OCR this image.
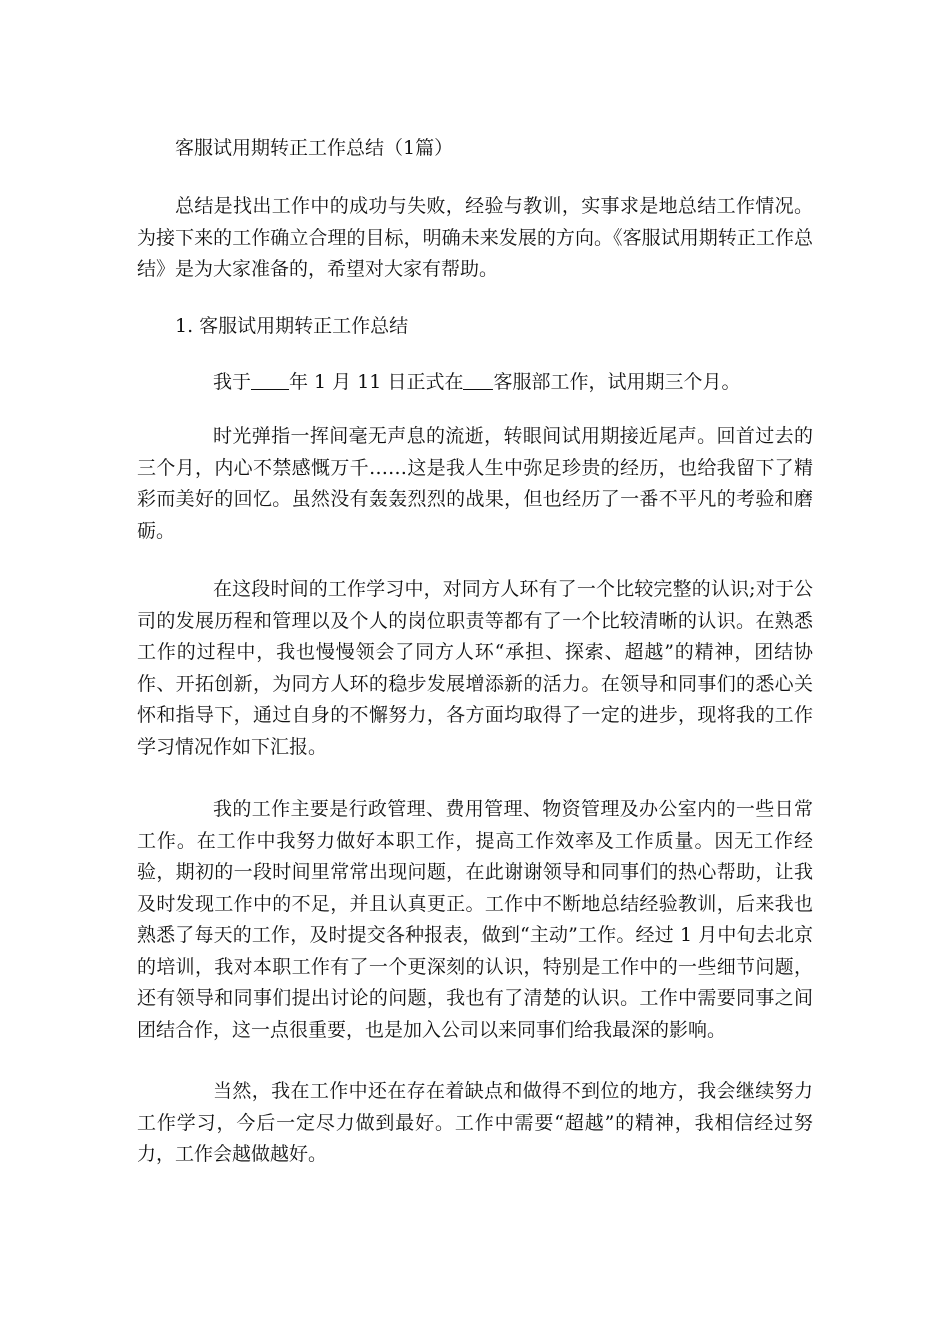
客服试用期转正工作总结（1篇）

总结是找出工作中的成功与失败，经验与教训，实事求是地总结工作情况。为接下来的工作确立合理的目标，明确未来发展的方向。《客服试用期转正工作总结》是为大家准备的，希望对大家有帮助。

1. 客服试用期转正工作总结

我于 年 1 月 11 日正式在 客服部工作，试用期三个月。

时光弹指一挥间毫无声息的流逝，转眼间试用期接近尾声。回首过去的三个月，内心不禁感慨万千……这是我人生中弥足珍贵的经历，也给我留下了精彩而美好的回忆。虽然没有轰轰烈烈的战果，但也经历了一番不平凡的考验和磨砺。

在这段时间的工作学习中，对同方人环有了一个比较完整的认识;对于公司的发展历程和管理以及个人的岗位职责等都有了一个比较清晰的认识。在熟悉工作的过程中，我也慢慢领会了同方人环“承担、探索、超越”的精神，团结协作、开拓创新，为同方人环的稳步发展增添新的活力。在领导和同事们的悉心关怀和指导下，通过自身的不懈努力，各方面均取得了一定的进步，现将我的工作学习情况作如下汇报。

我的工作主要是行政管理、费用管理、物资管理及办公室内的一些日常工作。在工作中我努力做好本职工作，提高工作效率及工作质量。因无工作经验，期初的一段时间里常常出现问题，在此谢谢领导和同事们的热心帮助，让我及时发现工作中的不足，并且认真更正。工作中不断地总结经验教训，后来我也熟悉了每天的工作，及时提交各种报表，做到“主动”工作。经过 1 月中旬去北京的培训，我对本职工作有了一个更深刻的认识，特别是工作中的一些细节问题，还有领导和同事们提出讨论的问题，我也有了清楚的认识。工作中需要同事之间团结合作，这一点很重要，也是加入公司以来同事们给我最深的影响。

当然，我在工作中还在存在着缺点和做得不到位的地方，我会继续努力工作学习，今后一定尽力做到最好。工作中需要“超越”的精神，我相信经过努力，工作会越做越好。
